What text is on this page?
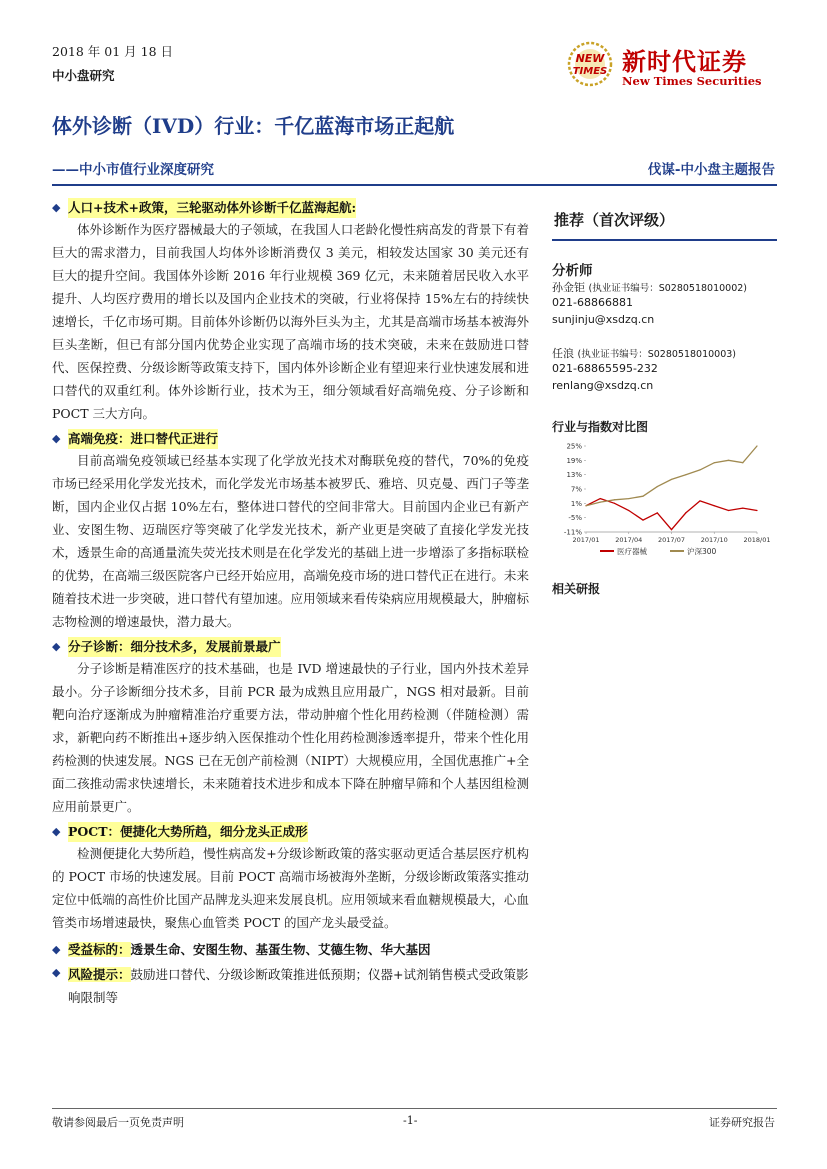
2018 年 01 月 18 日
中小盘研究
NEW
TIMES 新时代证券
New Times Securities
体外诊断（IVD）行业：千亿蓝海市场正起航
——中小市值行业深度研究	伐谋-中小盘主题报告
◆ 人口+技术+政策，三轮驱动体外诊断千亿蓝海起航:

体外诊断作为医疗器械最大的子领域，在我国人口老龄化慢性病高发的背景下有着巨大的需求潜力，目前我国人均体外诊断消费仅 3 美元，相较发达国家 30 美元还有巨大的提升空间。我国体外诊断 2016 年行业规模 369 亿元，未来随着居民收入水平提升、人均医疗费用的增长以及国内企业技术的突破，行业将保持 15%左右的持续快速增长，千亿市场可期。目前体外诊断仍以海外巨头为主，尤其是高端市场基本被海外巨头垄断，但已有部分国内优势企业实现了高端市场的技术突破，未来在鼓励进口替代、医保控费、分级诊断等政策支持下，国内体外诊断企业有望迎来行业快速发展和进口替代的双重红利。体外诊断行业，技术为王，细分领域看好高端免疫、分子诊断和 POCT 三大方向。

◆ 高端免疫：进口替代正进行

目前高端免疫领域已经基本实现了化学放光技术对酶联免疫的替代，70%的免疫市场已经采用化学发光技术，而化学发光市场基本被罗氏、雅培、贝克曼、西门子等垄断，国内企业仅占据 10%左右，整体进口替代的空间非常大。目前国内企业已有新产业、安图生物、迈瑞医疗等突破了化学发光技术，新产业更是突破了直接化学发光技术，透景生命的高通量流失荧光技术则是在化学发光的基础上进一步增添了多指标联检的优势，在高端三级医院客户已经开始应用，高端免疫市场的进口替代正在进行。未来随着技术进一步突破，进口替代有望加速。应用领域来看传染病应用规模最大，肿瘤标志物检测的增速最快，潜力最大。

◆ 分子诊断：细分技术多，发展前景最广

分子诊断是精准医疗的技术基础，也是 IVD 增速最快的子行业，国内外技术差异最小。分子诊断细分技术多，目前 PCR 最为成熟且应用最广，NGS 相对最新。目前靶向治疗逐渐成为肿瘤精准治疗重要方法，带动肿瘤个性化用药检测（伴随检测）需求，新靶向药不断推出+逐步纳入医保推动个性化用药检测渗透率提升，带来个性化用药检测的快速发展。NGS 已在无创产前检测（NIPT）大规模应用，全国优惠推广+全面二孩推动需求快速增长，未来随着技术进步和成本下降在肿瘤早筛和个人基因组检测应用前景更广。

◆ POCT：便捷化大势所趋，细分龙头正成形

检测便捷化大势所趋，慢性病高发+分级诊断政策的落实驱动更适合基层医疗机构的 POCT 市场的快速发展。目前 POCT 高端市场被海外垄断，分级诊断政策落实推动定位中低端的高性价比国产品牌龙头迎来发展良机。应用领域来看血糖规模最大，心血管类市场增速最快，聚焦心血管类 POCT 的国产龙头最受益。

◆ 受益标的：透景生命、安图生物、基蛋生物、艾德生物、华大基因
◆ 风险提示：鼓励进口替代、分级诊断政策推进低预期；仪器+试剂销售模式受政策影响限制等
推荐（首次评级）
分析师
孙金钜 (执业证书编号：S0280518010002)
021-68866881
sunjinju@xsdzq.cn
任浪 (执业证书编号：S0280518010003)
021-68865595-232
renlang@xsdzq.cn
行业与指数对比图
25%
19%
13%
7%
1%
-5%
-11%
2017/01 2017/04 2017/07 2017/10 2018/01
医疗器械	沪深300
相关研报
敬请参阅最后一页免责声明	-1-	证券研究报告
